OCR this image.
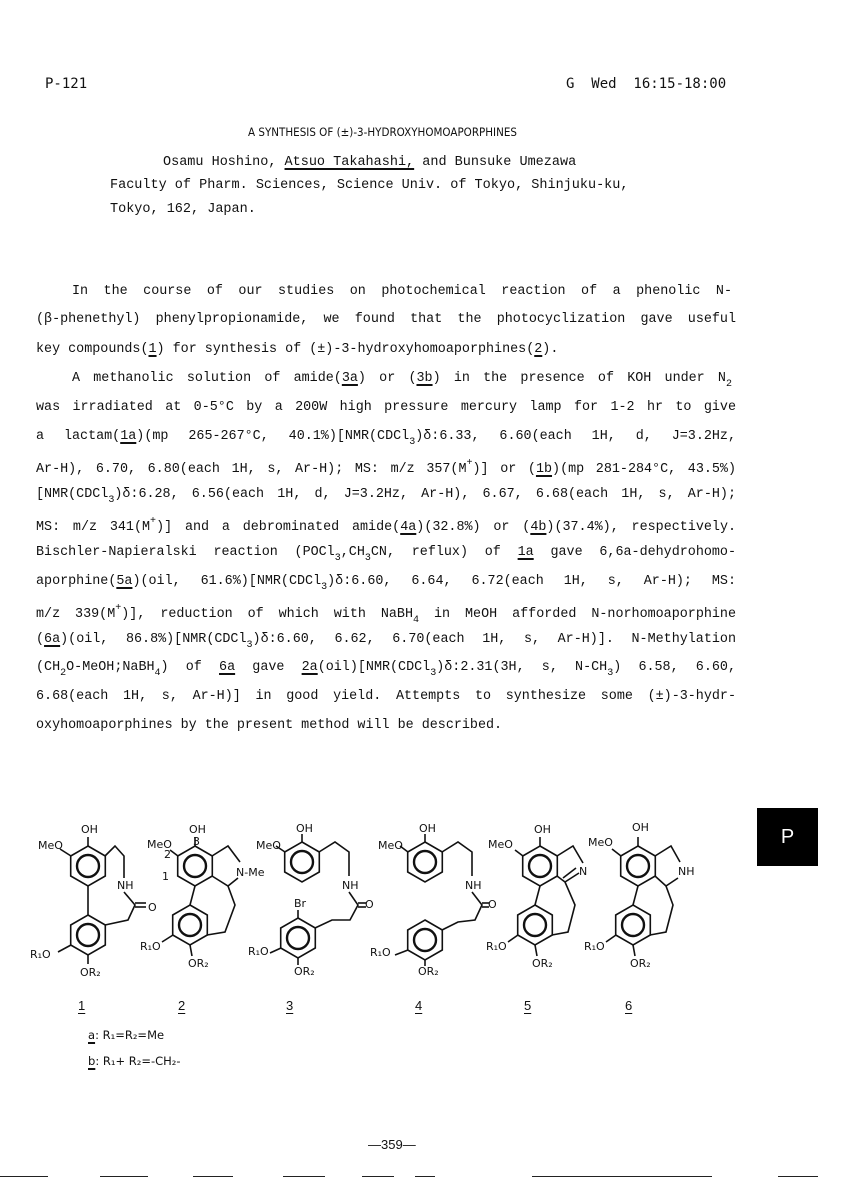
P-121	G  Wed  16:15-18:00
A SYNTHESIS OF (±)-3-HYDROXYHOMOAPORPHINES
Osamu Hoshino, Atsuo Takahashi, and Bunsuke Umezawa
Faculty of Pharm. Sciences, Science Univ. of Tokyo, Shinjuku-ku,
Tokyo, 162, Japan.
In the course of our studies on photochemical reaction of a phenolic N-
(β-phenethyl) phenylpropionamide, we found that the photocyclization gave useful
key compounds(1) for synthesis of (±)-3-hydroxyhomoaporphines(2).
A methanolic solution of amide(3a) or (3b) in the presence of KOH under $N_2$
was irradiated at 0-5°C by a 200W high pressure mercury lamp for 1-2 hr to give
a lactam(1a)(mp 265-267°C, 40.1%)[NMR(CDCl$_3$)δ:6.33, 6.60(each 1H, d, J=3.2Hz,
Ar-H), 6.70, 6.80(each 1H, s, Ar-H); MS: m/z 357(M+)] or (1b)(mp 281-284°C, 43.5%)
[NMR(CDCl$_3$)δ:6.28, 6.56(each 1H, d, J=3.2Hz, Ar-H), 6.67, 6.68(each 1H, s, Ar-H);
MS: m/z 341(M+)] and a debrominated amide(4a)(32.8%) or (4b)(37.4%), respectively.
Bischler-Napieralski reaction ($POCl_3,CH_3CN$, reflux) of 1a gave 6,6a-dehydrohomo-
aporphine(5a)(oil, 61.6%)[NMR(CDCl$_3$)δ:6.60, 6.64, 6.72(each 1H, s, Ar-H); MS:
m/z 339(M+)], reduction of which with NaBH$_4$ in MeOH afforded N-norhomoaporphine
(6a)(oil, 86.8%)[NMR(CDCl$_3$)δ:6.60, 6.62, 6.70(each 1H, s, Ar-H)]. N-Methylation
$(CH_2O-MeOH;NaBH_4)$ of 6a gave 2a(oil)[NMR(CDCl$_3$)δ:2.31(3H, s, $N-CH_3$) 6.58, 6.60,
6.68(each 1H, s, Ar-H)] in good yield. Attempts to synthesize some (±)-3-hydr-
oxyhomoaporphines by the present method will be described.
OH
MeO
NH
O
R₁O
OR₂
OH
MeO 3
2
1	N-Me
R₁O
OR₂
OH
MeO
NH
O
Br
R₁O
OR₂
OH
MeO
NH
O
R₁O
OR₂
OH
MeO
N
R₁O
OR₂
OH
MeO
NH
R₁O
OR₂
1	2	3	4	5	6
a: R₁=R₂=Me
b: R₁+ R₂=-CH₂-
P
—359—
